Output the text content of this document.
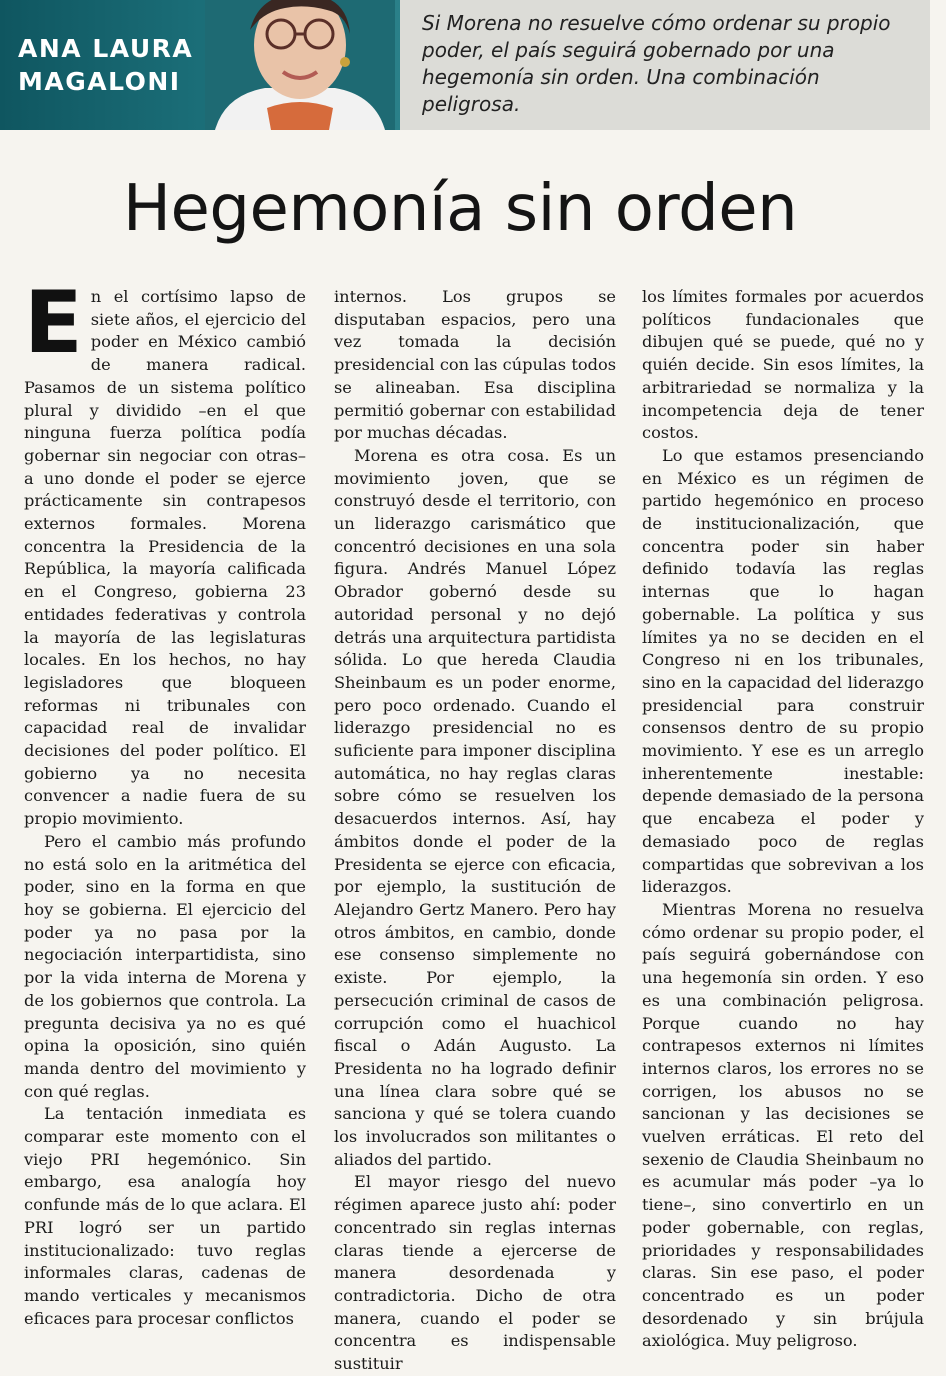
ANA LAURA
MAGALONI
Si Morena no resuelve cómo ordenar su propio poder, el país seguirá gobernado por una hegemonía sin orden. Una combinación peligrosa.
Hegemonía sin orden

En el cortísimo lapso de siete años, el ejercicio del poder en México cambió de manera radical. Pasamos de un sistema político plural y dividido –en el que ninguna fuerza política podía gobernar sin negociar con otras– a uno donde el poder se ejerce prácticamente sin contrapesos externos formales. Morena concentra la Presidencia de la República, la mayoría calificada en el Congreso, gobierna 23 entidades federativas y controla la mayoría de las legislaturas locales. En los hechos, no hay legisladores que bloqueen reformas ni tribunales con capacidad real de invalidar decisiones del poder político. El gobierno ya no necesita convencer a nadie fuera de su propio movimiento.

Pero el cambio más profundo no está solo en la aritmética del poder, sino en la forma en que hoy se gobierna. El ejercicio del poder ya no pasa por la negociación interpartidista, sino por la vida interna de Morena y de los gobiernos que controla. La pregunta decisiva ya no es qué opina la oposición, sino quién manda dentro del movimiento y con qué reglas.

La tentación inmediata es comparar este momento con el viejo PRI hegemónico. Sin embargo, esa analogía hoy confunde más de lo que aclara. El PRI logró ser un partido institucionalizado: tuvo reglas informales claras, cadenas de mando verticales y mecanismos eficaces para procesar conflictos

internos. Los grupos se disputaban espacios, pero una vez tomada la decisión presidencial con las cúpulas todos se alineaban. Esa disciplina permitió gobernar con estabilidad por muchas décadas.

Morena es otra cosa. Es un movimiento joven, que se construyó desde el territorio, con un liderazgo carismático que concentró decisiones en una sola figura. Andrés Manuel López Obrador gobernó desde su autoridad personal y no dejó detrás una arquitectura partidista sólida. Lo que hereda Claudia Sheinbaum es un poder enorme, pero poco ordenado. Cuando el liderazgo presidencial no es suficiente para imponer disciplina automática, no hay reglas claras sobre cómo se resuelven los desacuerdos internos. Así, hay ámbitos donde el poder de la Presidenta se ejerce con eficacia, por ejemplo, la sustitución de Alejandro Gertz Manero. Pero hay otros ámbitos, en cambio, donde ese consenso simplemente no existe. Por ejemplo, la persecución criminal de casos de corrupción como el huachicol fiscal o Adán Augusto. La Presidenta no ha logrado definir una línea clara sobre qué se sanciona y qué se tolera cuando los involucrados son militantes o aliados del partido.

El mayor riesgo del nuevo régimen aparece justo ahí: poder concentrado sin reglas internas claras tiende a ejercerse de manera desordenada y contradictoria. Dicho de otra manera, cuando el poder se concentra es indispensable sustituir

los límites formales por acuerdos políticos fundacionales que dibujen qué se puede, qué no y quién decide. Sin esos límites, la arbitrariedad se normaliza y la incompetencia deja de tener costos.

Lo que estamos presenciando en México es un régimen de partido hegemónico en proceso de institucionalización, que concentra poder sin haber definido todavía las reglas internas que lo hagan gobernable. La política y sus límites ya no se deciden en el Congreso ni en los tribunales, sino en la capacidad del liderazgo presidencial para construir consensos dentro de su propio movimiento. Y ese es un arreglo inherentemente inestable: depende demasiado de la persona que encabeza el poder y demasiado poco de reglas compartidas que sobrevivan a los liderazgos.

Mientras Morena no resuelva cómo ordenar su propio poder, el país seguirá gobernándose con una hegemonía sin orden. Y eso es una combinación peligrosa. Porque cuando no hay contrapesos externos ni límites internos claros, los errores no se corrigen, los abusos no se sancionan y las decisiones se vuelven erráticas. El reto del sexenio de Claudia Sheinbaum no es acumular más poder –ya lo tiene–, sino convertirlo en un poder gobernable, con reglas, prioridades y responsabilidades claras. Sin ese paso, el poder concentrado es un poder desordenado y sin brújula axiológica. Muy peligroso.
